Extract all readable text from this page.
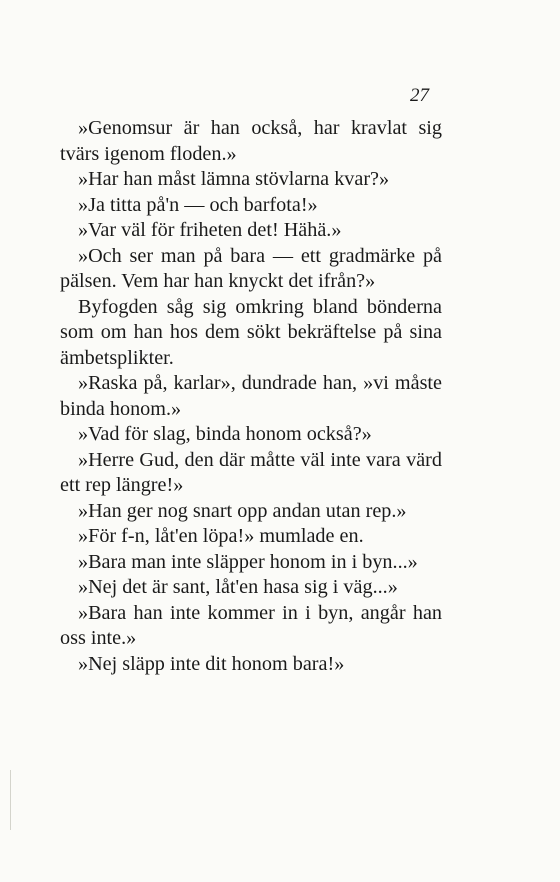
27

»Genomsur är han också, har kravlat sig tvärs igenom floden.»

»Har han måst lämna stövlarna kvar?»

»Ja titta på'n — och barfota!»

»Var väl för friheten det! Hähä.»

»Och ser man på bara — ett gradmärke på pälsen. Vem har han knyckt det ifrån?»

Byfogden såg sig omkring bland bönderna som om han hos dem sökt bekräftelse på sina ämbetsplikter.

»Raska på, karlar», dundrade han, »vi måste binda honom.»

»Vad för slag, binda honom också?»

»Herre Gud, den där måtte väl inte vara värd ett rep längre!»

»Han ger nog snart opp andan utan rep.»

»För f-n, låt'en löpa!» mumlade en.

»Bara man inte släpper honom in i byn...»

»Nej det är sant, låt'en hasa sig i väg...»

»Bara han inte kommer in i byn, angår han oss inte.»

»Nej släpp inte dit honom bara!»
